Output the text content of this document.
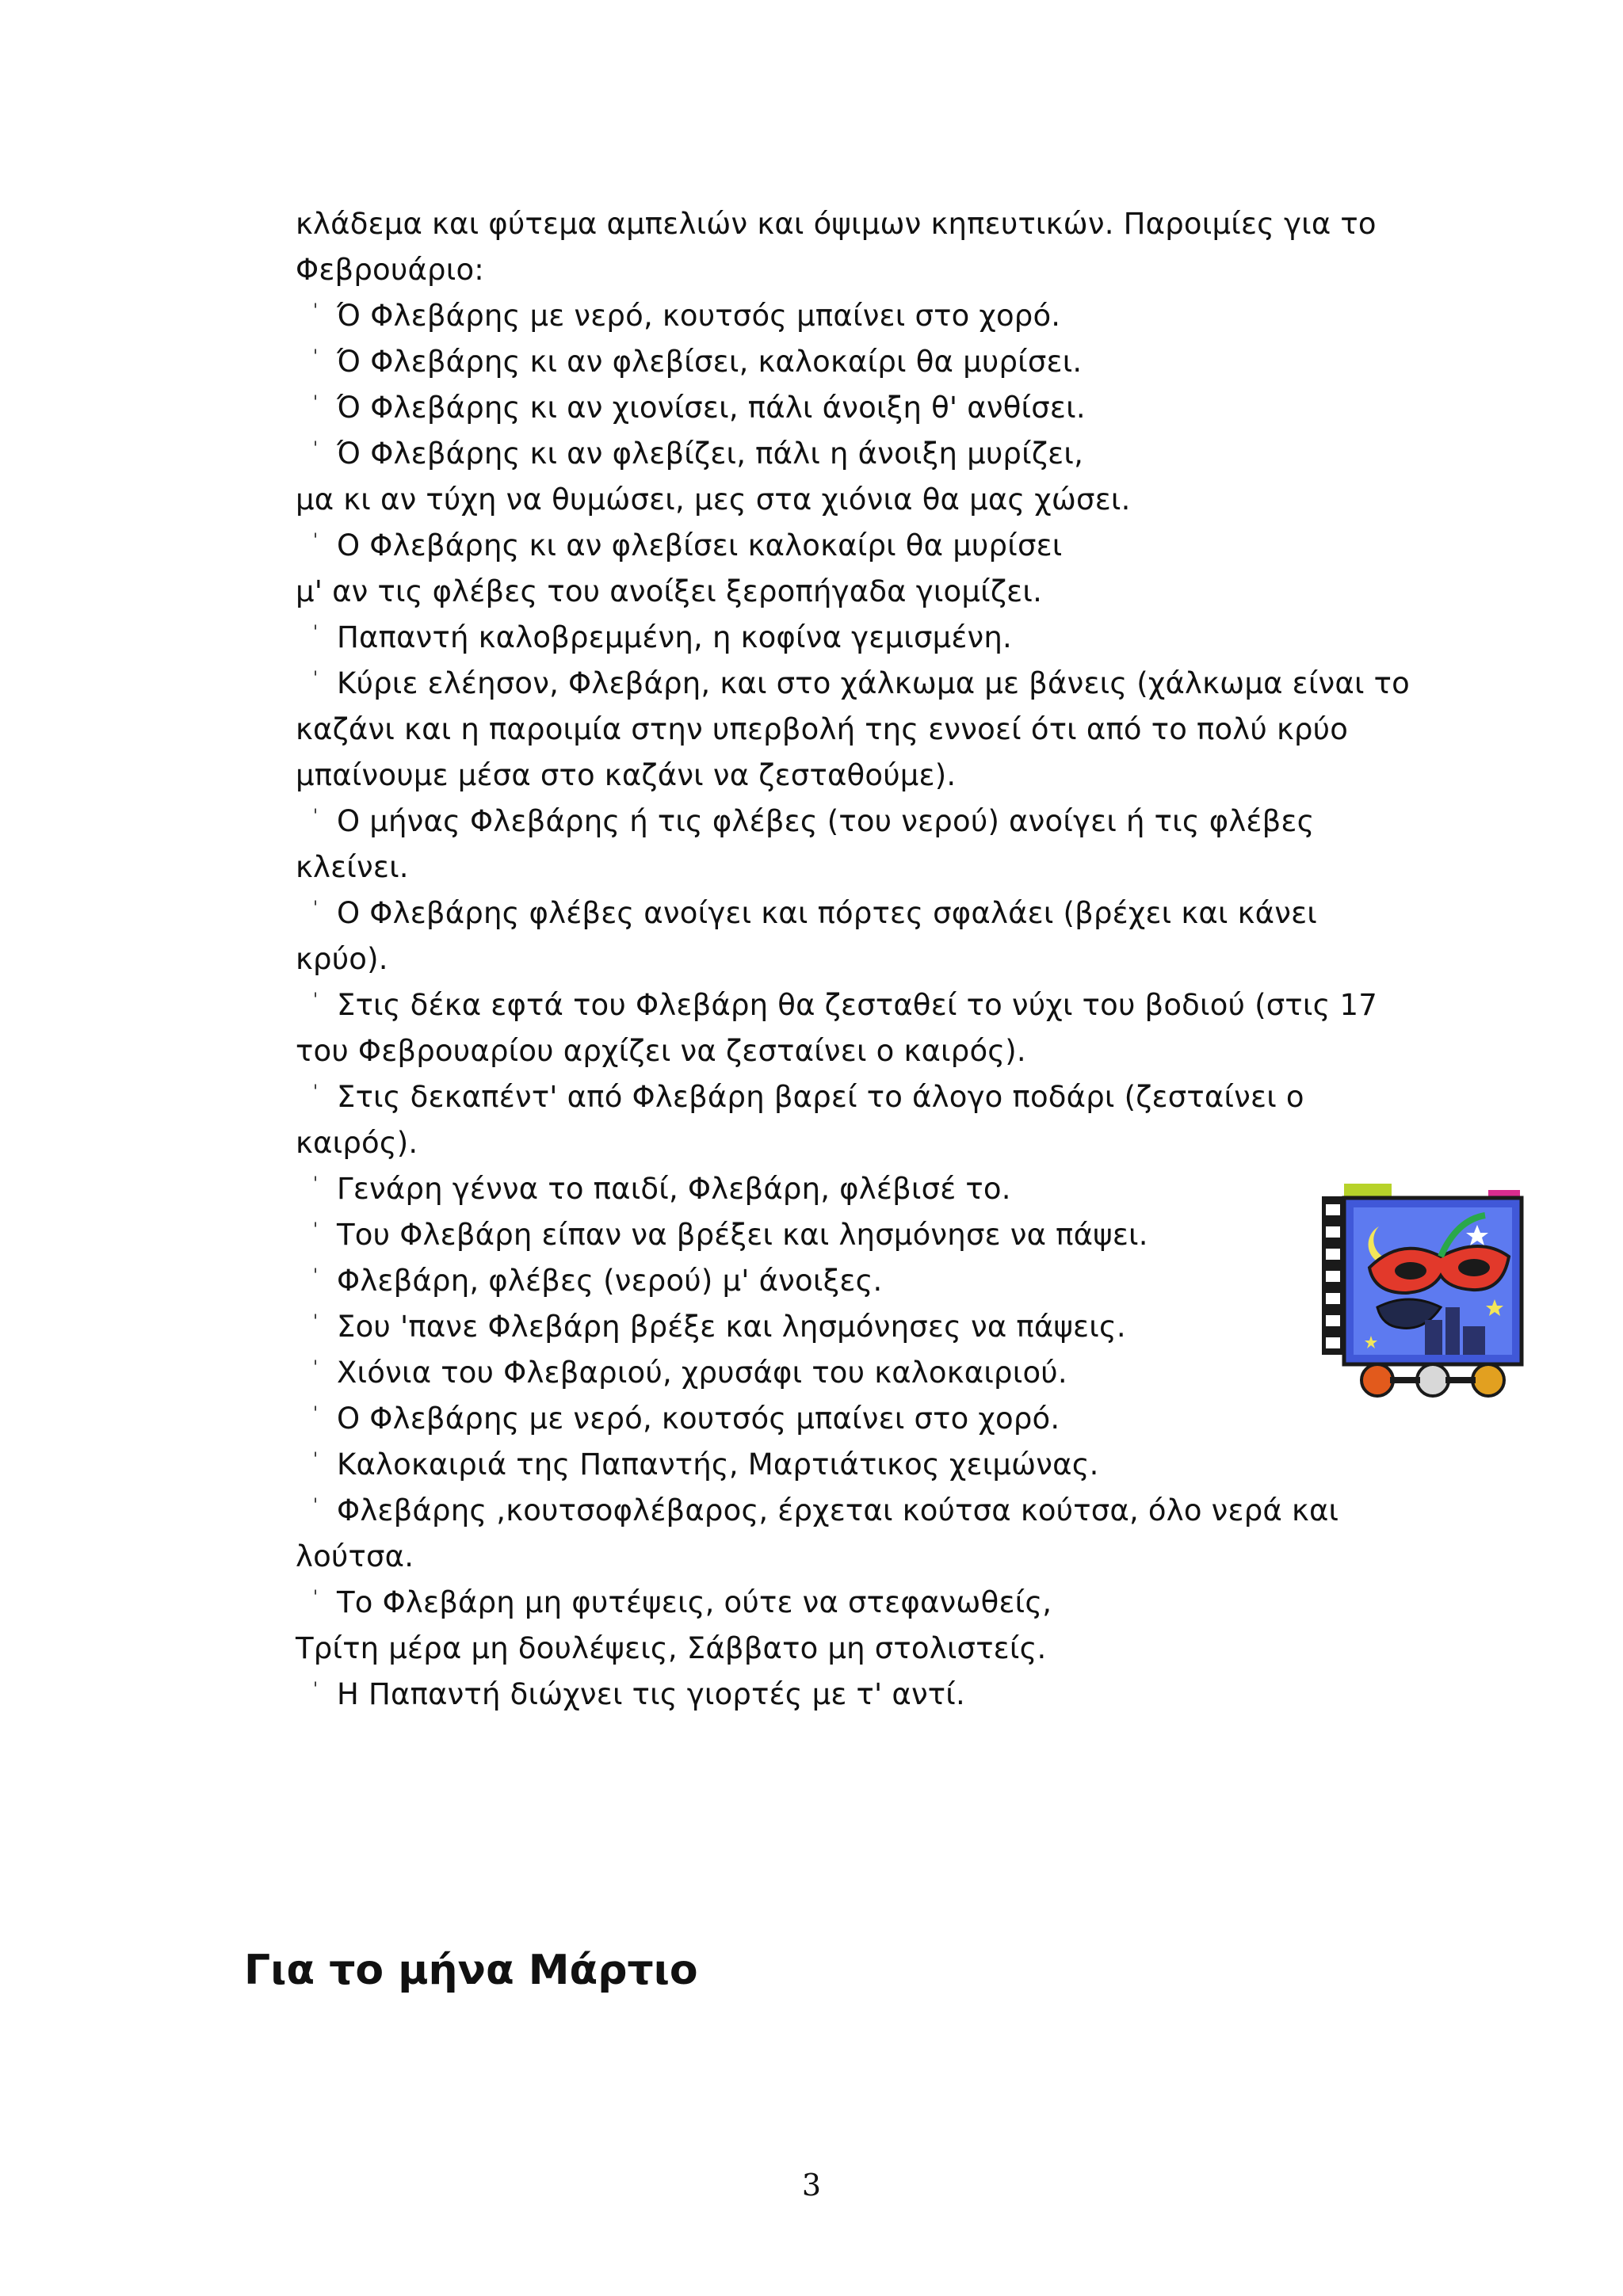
κλάδεμα και φύτεμα αμπελιών και όψιμων κηπευτικών. Παροιμίες για το
Φεβρουάριο:
' Ό Φλεβάρης με νερό, κουτσός μπαίνει στο χορό.
' Ό Φλεβάρης κι αν φλεβίσει, καλοκαίρι θα μυρίσει.
' Ό Φλεβάρης κι αν χιονίσει, πάλι άνοιξη θ' ανθίσει.
' Ό Φλεβάρης κι αν φλεβίζει, πάλι η άνοιξη μυρίζει,
μα κι αν τύχη να θυμώσει, μες στα χιόνια θα μας χώσει.
' Ο Φλεβάρης κι αν φλεβίσει καλοκαίρι θα μυρίσει
μ' αν τις φλέβες του ανοίξει ξεροπήγαδα γιομίζει.
' Παπαντή καλοβρεμμένη, η κοφίνα γεμισμένη.
' Κύριε ελέησον, Φλεβάρη, και στο χάλκωμα με βάνεις (χάλκωμα είναι το
καζάνι και η παροιμία στην υπερβολή της εννοεί ότι από το πολύ κρύο
μπαίνουμε μέσα στο καζάνι να ζεσταθούμε).
' Ο μήνας Φλεβάρης ή τις φλέβες (του νερού) ανοίγει ή τις φλέβες
κλείνει.
' Ο Φλεβάρης φλέβες ανοίγει και πόρτες σφαλάει (βρέχει και κάνει
κρύο).
' Στις δέκα εφτά του Φλεβάρη θα ζεσταθεί το νύχι του βοδιού (στις 17
του Φεβρουαρίου αρχίζει να ζεσταίνει ο καιρός).
' Στις δεκαπέντ' από Φλεβάρη βαρεί το άλογο ποδάρι (ζεσταίνει ο
καιρός).
' Γενάρη γέννα το παιδί, Φλεβάρη, φλέβισέ το.
' Του Φλεβάρη είπαν να βρέξει και λησμόνησε να πάψει.
' Φλεβάρη, φλέβες (νερού) μ' άνοιξες.
' Σου 'πανε Φλεβάρη βρέξε και λησμόνησες να πάψεις.
' Χιόνια του Φλεβαριού, χρυσάφι του καλοκαιριού.
' Ο Φλεβάρης με νερό, κουτσός μπαίνει στο χορό.
' Καλοκαιριά της Παπαντής, Μαρτιάτικος χειμώνας.
' Φλεβάρης ,κουτσοφλέβαρος, έρχεται κούτσα κούτσα, όλο νερά και
λούτσα.
' Το Φλεβάρη μη φυτέψεις, ούτε να στεφανωθείς,
Τρίτη μέρα μη δουλέψεις, Σάββατο μη στολιστείς.
' Η Παπαντή διώχνει τις γιορτές με τ' αντί.
Για το μήνα Μάρτιο
3
